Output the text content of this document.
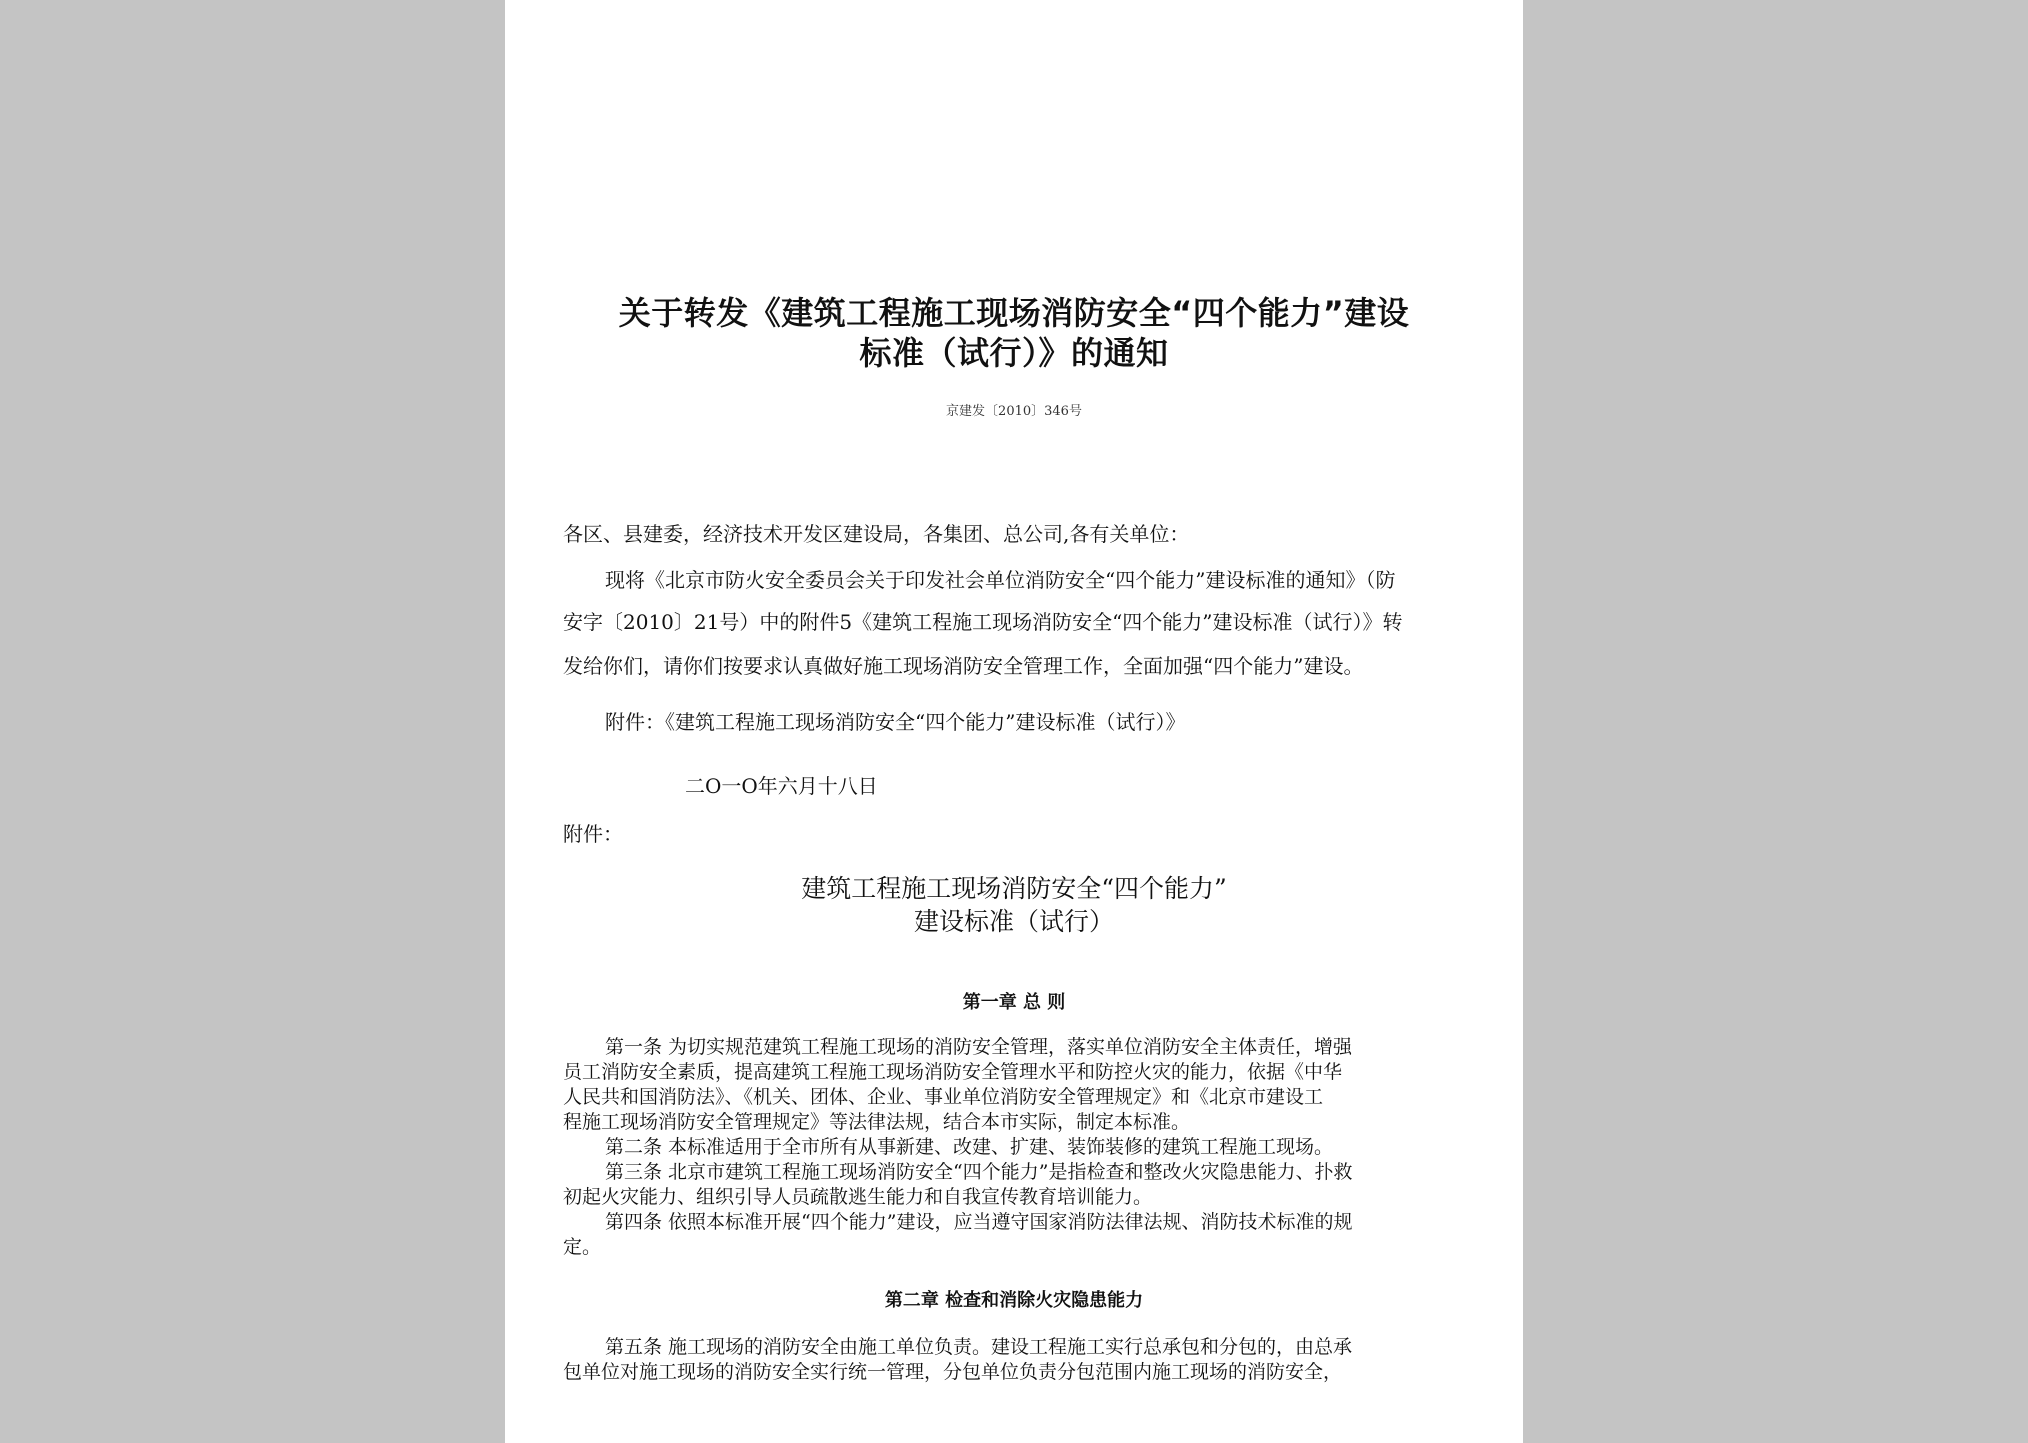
关于转发《建筑工程施工现场消防安全“四个能力”建设
标准（试行）》的通知
京建发〔2010〕346号
各区、县建委，经济技术开发区建设局，各集团、总公司,各有关单位：
现将《北京市防火安全委员会关于印发社会单位消防安全“四个能力”建设标准的通知》（防
安字〔2010〕21号）中的附件5《建筑工程施工现场消防安全“四个能力”建设标准（试行）》转
发给你们，请你们按要求认真做好施工现场消防安全管理工作，全面加强“四个能力”建设。
附件：《建筑工程施工现场消防安全“四个能力”建设标准（试行）》
二O一O年六月十八日
附件：
建筑工程施工现场消防安全“四个能力”
建设标准（试行）
第一章 总 则
第一条 为切实规范建筑工程施工现场的消防安全管理，落实单位消防安全主体责任，增强
员工消防安全素质，提高建筑工程施工现场消防安全管理水平和防控火灾的能力，依据《中华
人民共和国消防法》、《机关、团体、企业、事业单位消防安全管理规定》和《北京市建设工
程施工现场消防安全管理规定》等法律法规，结合本市实际，制定本标准。
第二条 本标准适用于全市所有从事新建、改建、扩建、装饰装修的建筑工程施工现场。
第三条 北京市建筑工程施工现场消防安全“四个能力”是指检查和整改火灾隐患能力、扑救
初起火灾能力、组织引导人员疏散逃生能力和自我宣传教育培训能力。
第四条 依照本标准开展“四个能力”建设，应当遵守国家消防法律法规、消防技术标准的规
定。
第二章 检查和消除火灾隐患能力
第五条 施工现场的消防安全由施工单位负责。建设工程施工实行总承包和分包的，由总承
包单位对施工现场的消防安全实行统一管理，分包单位负责分包范围内施工现场的消防安全，
